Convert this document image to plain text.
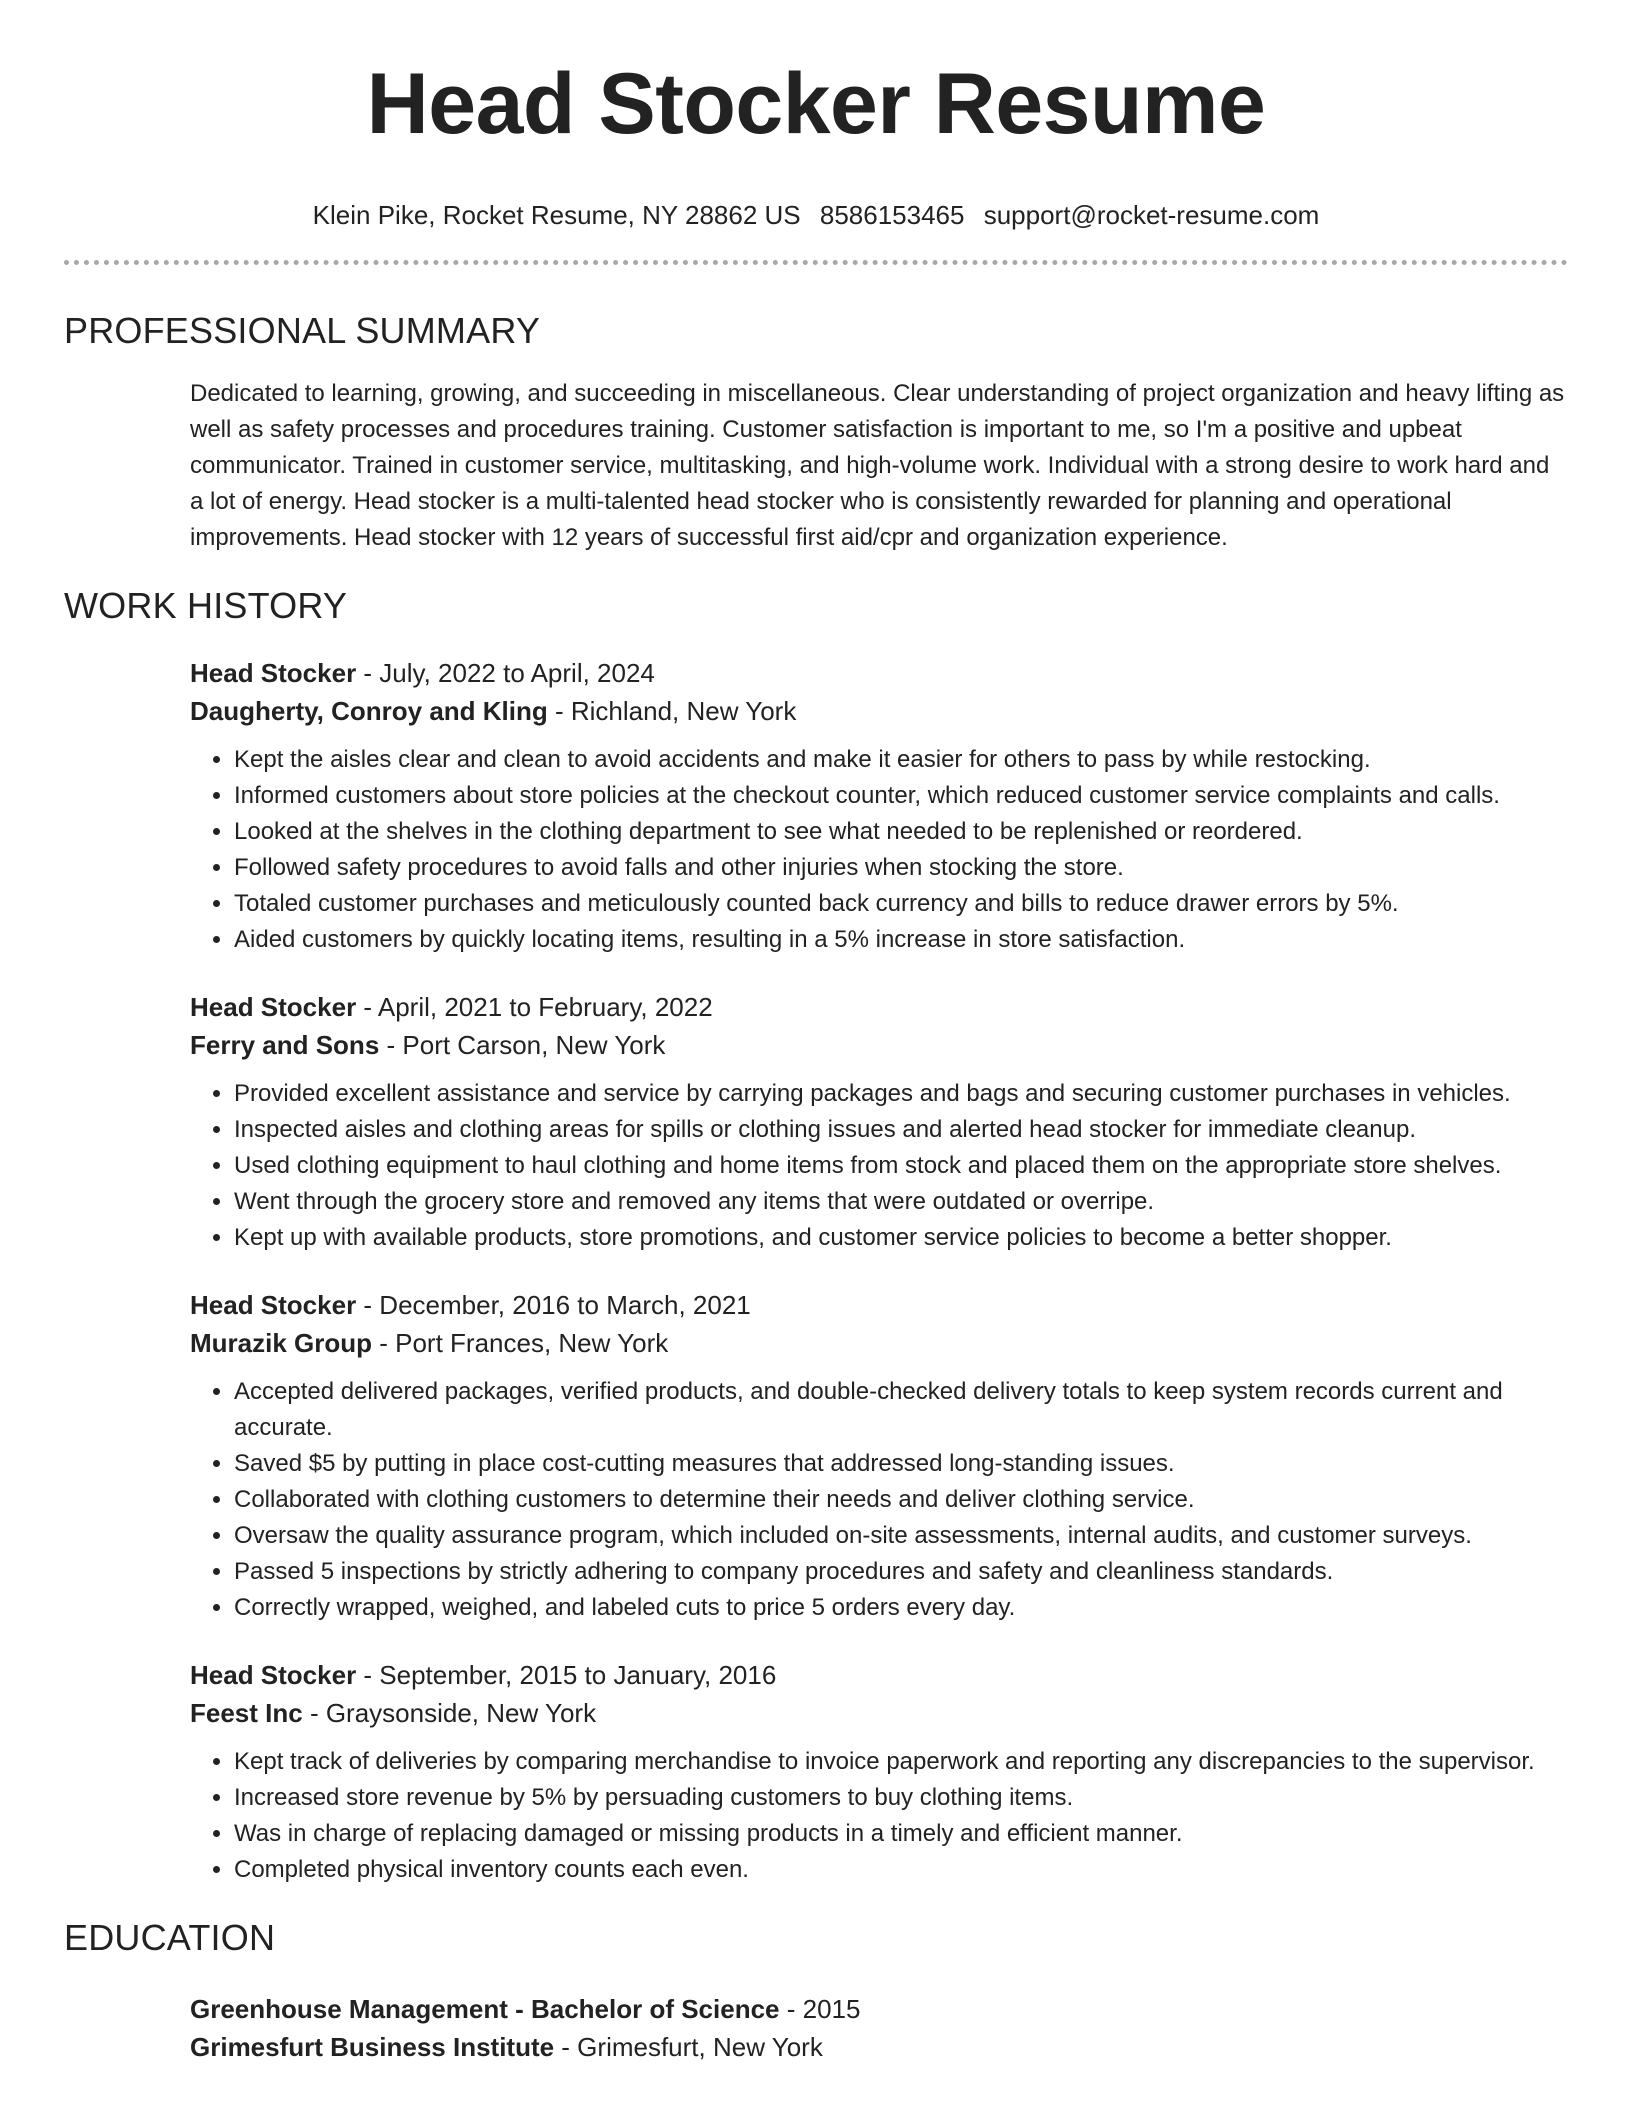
Head Stocker Resume
Klein Pike, Rocket Resume, NY 28862 US 8586153465 support@rocket-resume.com
PROFESSIONAL SUMMARY

Dedicated to learning, growing, and succeeding in miscellaneous. Clear understanding of project organization and heavy lifting as well as safety processes and procedures training. Customer satisfaction is important to me, so I'm a positive and upbeat communicator. Trained in customer service, multitasking, and high-volume work. Individual with a strong desire to work hard and a lot of energy. Head stocker is a multi-talented head stocker who is consistently rewarded for planning and operational improvements. Head stocker with 12 years of successful first aid/cpr and organization experience.

WORK HISTORY
Head Stocker - July, 2022 to April, 2024
Daugherty, Conroy and Kling - Richland, New York
• Kept the aisles clear and clean to avoid accidents and make it easier for others to pass by while restocking.
• Informed customers about store policies at the checkout counter, which reduced customer service complaints and calls.
• Looked at the shelves in the clothing department to see what needed to be replenished or reordered.
• Followed safety procedures to avoid falls and other injuries when stocking the store.
• Totaled customer purchases and meticulously counted back currency and bills to reduce drawer errors by 5%.
• Aided customers by quickly locating items, resulting in a 5% increase in store satisfaction.
Head Stocker - April, 2021 to February, 2022
Ferry and Sons - Port Carson, New York
• Provided excellent assistance and service by carrying packages and bags and securing customer purchases in vehicles.
• Inspected aisles and clothing areas for spills or clothing issues and alerted head stocker for immediate cleanup.
• Used clothing equipment to haul clothing and home items from stock and placed them on the appropriate store shelves.
• Went through the grocery store and removed any items that were outdated or overripe.
• Kept up with available products, store promotions, and customer service policies to become a better shopper.
Head Stocker - December, 2016 to March, 2021
Murazik Group - Port Frances, New York
• Accepted delivered packages, verified products, and double-checked delivery totals to keep system records current and accurate.
• Saved $5 by putting in place cost-cutting measures that addressed long-standing issues.
• Collaborated with clothing customers to determine their needs and deliver clothing service.
• Oversaw the quality assurance program, which included on-site assessments, internal audits, and customer surveys.
• Passed 5 inspections by strictly adhering to company procedures and safety and cleanliness standards.
• Correctly wrapped, weighed, and labeled cuts to price 5 orders every day.
Head Stocker - September, 2015 to January, 2016
Feest Inc - Graysonside, New York
• Kept track of deliveries by comparing merchandise to invoice paperwork and reporting any discrepancies to the supervisor.
• Increased store revenue by 5% by persuading customers to buy clothing items.
• Was in charge of replacing damaged or missing products in a timely and efficient manner.
• Completed physical inventory counts each even.
EDUCATION
Greenhouse Management - Bachelor of Science - 2015
Grimesfurt Business Institute - Grimesfurt, New York
